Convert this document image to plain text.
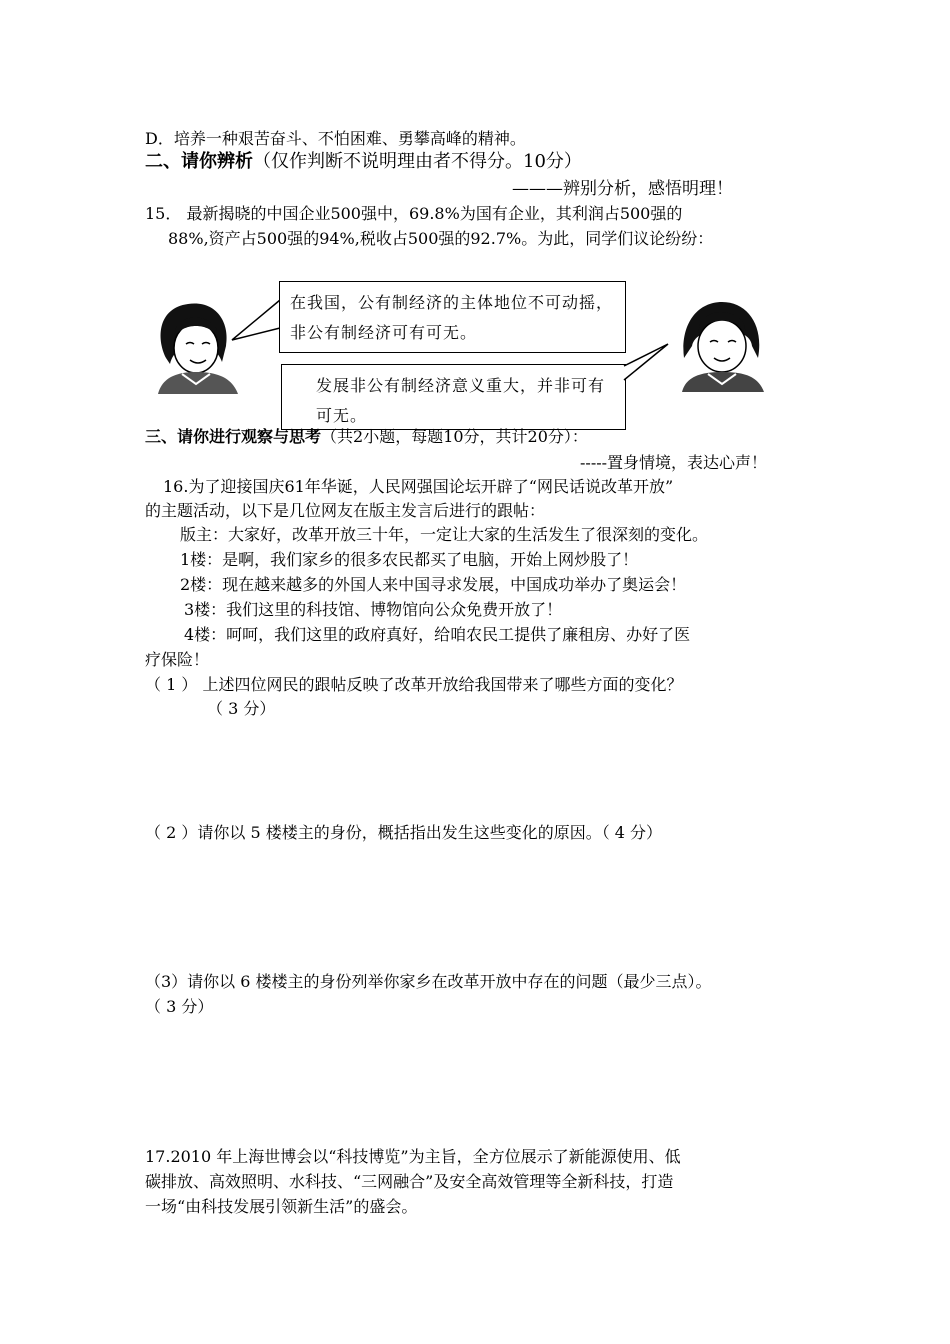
D．培养一种艰苦奋斗、不怕困难、勇攀高峰的精神。

二、请你辨析（仅作判断不说明理由者不得分。10分）

———辨别分析，感悟明理！

15． 最新揭晓的中国企业500强中，69.8%为国有企业，其利润占500强的

88%,资产占500强的94%,税收占500强的92.7%。为此，同学们议论纷纷：

在我国，公有制经济的主体地位不可动摇，非公有制经济可有可无。
发展非公有制经济意义重大，并非可有可无。

三、请你进行观察与思考（共2小题，每题10分，共计20分）：

-----置身情境，表达心声！

16.为了迎接国庆61年华诞，人民网强国论坛开辟了“网民话说改革开放”

的主题活动，以下是几位网友在版主发言后进行的跟帖：

版主：大家好，改革开放三十年，一定让大家的生活发生了很深刻的变化。

1楼：是啊，我们家乡的很多农民都买了电脑，开始上网炒股了！

2楼：现在越来越多的外国人来中国寻求发展，中国成功举办了奥运会！

3楼：我们这里的科技馆、博物馆向公众免费开放了！

4楼：呵呵，我们这里的政府真好，给咱农民工提供了廉租房、办好了医

疗保险！

（ 1 ） 上述四位网民的跟帖反映了改革开放给我国带来了哪些方面的变化？

（ 3 分）

（ 2 ）请你以 5 楼楼主的身份，概括指出发生这些变化的原因。（ 4 分）

（3）请你以 6 楼楼主的身份列举你家乡在改革开放中存在的问题（最少三点）。

（ 3 分）

17.2010 年上海世博会以“科技博览”为主旨，全方位展示了新能源使用、低

碳排放、高效照明、水科技、“三网融合”及安全高效管理等全新科技，打造

一场“由科技发展引领新生活”的盛会。
